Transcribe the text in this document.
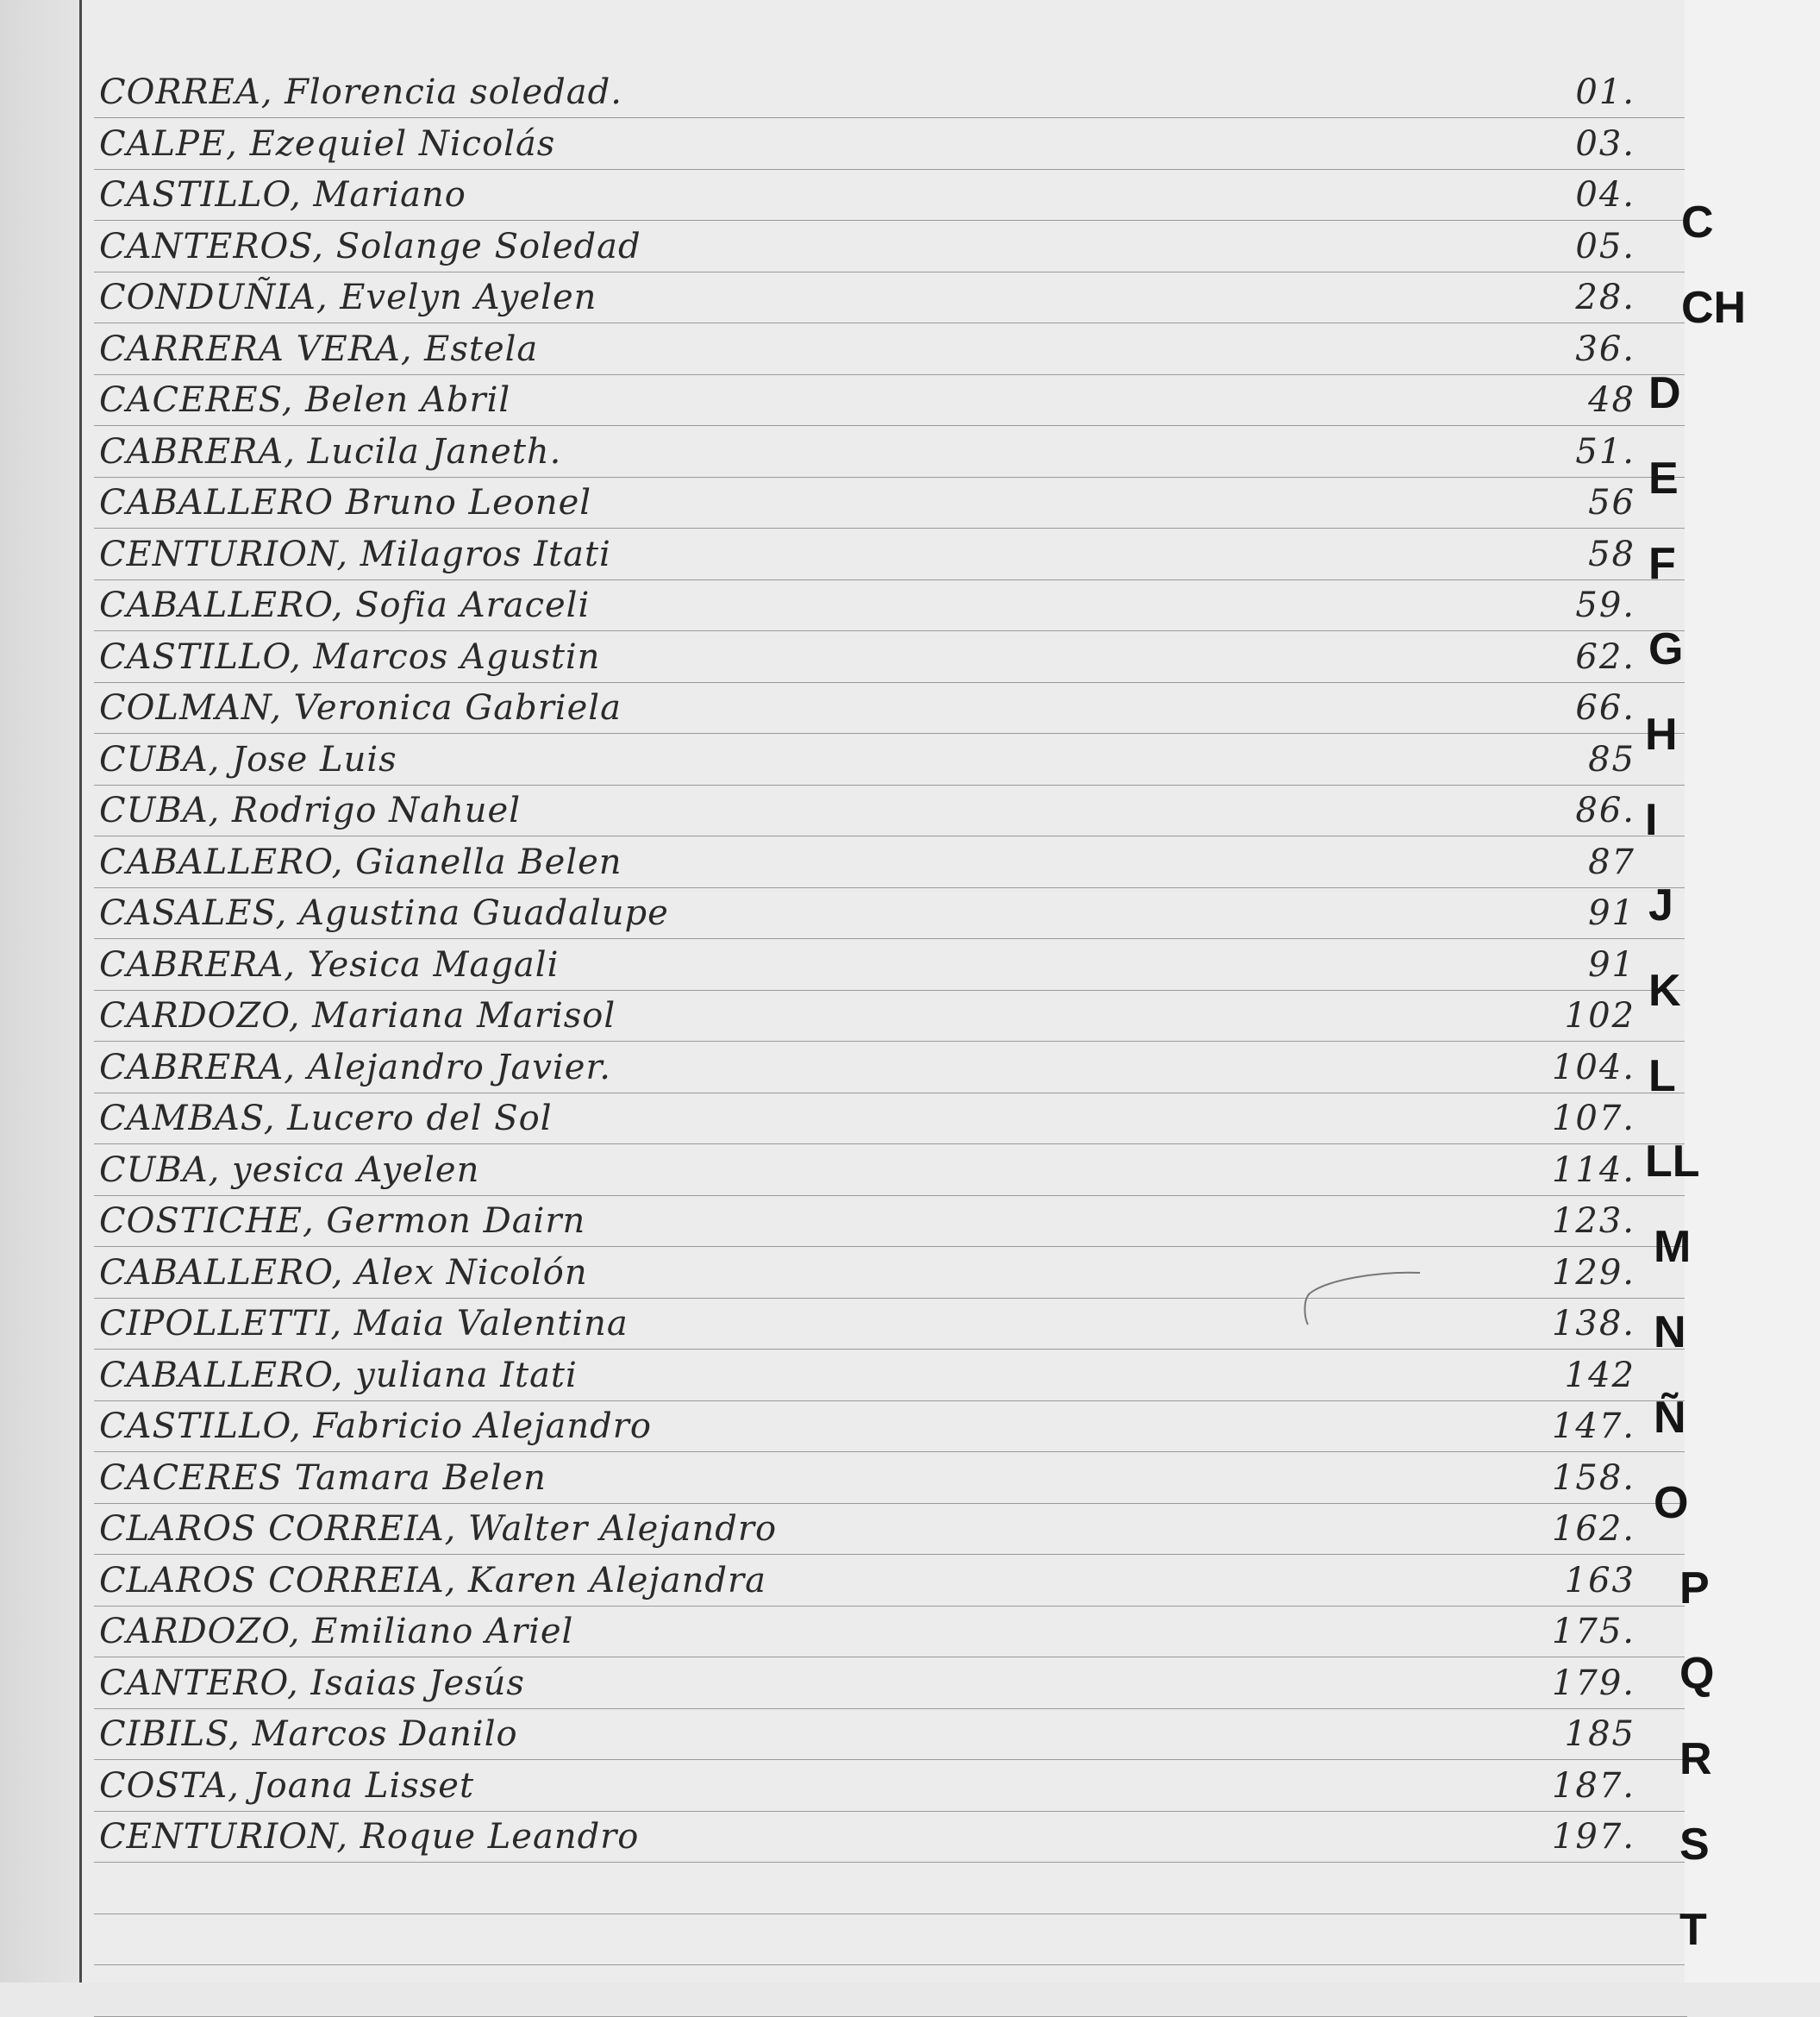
CORREA, Florencia soledad.	01.
CALPE, Ezequiel Nicolás	03.
CASTILLO, Mariano	04.
CANTEROS, Solange Soledad	05.
CONDUÑIA, Evelyn Ayelen	28.
CARRERA VERA, Estela	36.
CACERES, Belen Abril	48
CABRERA, Lucila Janeth.	51.
CABALLERO Bruno Leonel	56
CENTURION, Milagros Itati	58
CABALLERO, Sofia Araceli	59.
CASTILLO, Marcos Agustin	62.
COLMAN, Veronica Gabriela	66.
CUBA, Jose Luis	85
CUBA, Rodrigo Nahuel	86.
CABALLERO, Gianella Belen	87
CASALES, Agustina Guadalupe	91
CABRERA, Yesica Magali	91
CARDOZO, Mariana Marisol	102
CABRERA, Alejandro Javier.	104.
CAMBAS, Lucero del Sol	107.
CUBA, yesica Ayelen	114.
COSTICHE, Germon Dairn	123.
CABALLERO, Alex Nicolón	129.
CIPOLLETTI, Maia Valentina	138.
CABALLERO, yuliana Itati	142
CASTILLO, Fabricio Alejandro	147.
CACERES Tamara Belen	158.
CLAROS CORREIA, Walter Alejandro	162.
CLAROS CORREIA, Karen Alejandra	163
CARDOZO, Emiliano Ariel	175.
CANTERO, Isaias Jesús	179.
CIBILS, Marcos Danilo	185
COSTA, Joana Lisset	187.
CENTURION, Roque Leandro	197.
C
CH
D
E
F
G
H
I
J
K
L
LL
M
N
Ñ
O
P
Q
R
S
T
